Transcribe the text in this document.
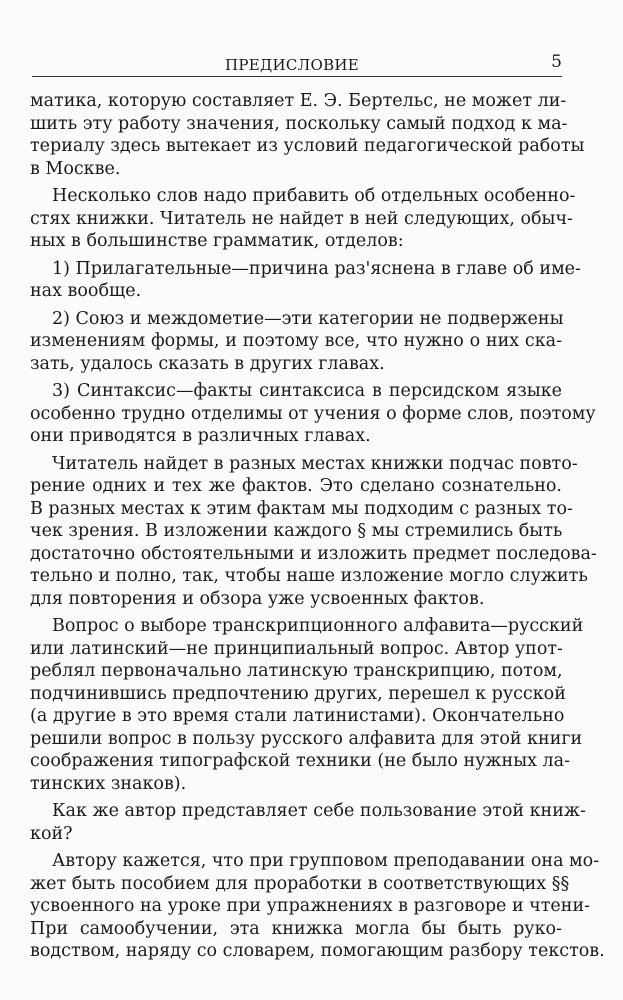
ПРЕДИСЛОВИЕ	5
матика, которую составляет Е. Э. Бертельс, не может ли-
шить эту работу значения, поскольку самый подход к ма-
териалу здесь вытекает из условий педагогической работы
в Москве.
Несколько слов надо прибавить об отдельных особенно-
стях книжки. Читатель не найдет в ней следующих, обыч-
ных в большинстве грамматик, отделов:
1) Прилагательные—причина раз'яснена в главе об име-
нах вообще.
2) Союз и междометие—эти категории не подвержены
изменениям формы, и поэтому все, что нужно о них ска-
зать, удалось сказать в других главах.
3) Синтаксис—факты синтаксиса в персидском языке
особенно трудно отделимы от учения о форме слов, поэтому
они приводятся в различных главах.
Читатель найдет в разных местах книжки подчас повто-
рение одних и тех же фактов. Это сделано сознательно.
В разных местах к этим фактам мы подходим с разных то-
чек зрения. В изложении каждого § мы стремились быть
достаточно обстоятельными и изложить предмет последова-
тельно и полно, так, чтобы наше изложение могло служить
для повторения и обзора уже усвоенных фактов.
Вопрос о выборе транскрипционного алфавита—русский
или латинский—не принципиальный вопрос. Автор упот-
реблял первоначально латинскую транскрипцию, потом,
подчинившись предпочтению других, перешел к русской
(а другие в это время стали латинистами). Окончательно
решили вопрос в пользу русского алфавита для этой книги
соображения типографской техники (не было нужных ла-
тинских знаков).
Как же автор представляет себе пользование этой книж-
кой?
Автору кажется, что при групповом преподавании она мо-
жет быть пособием для проработки в соответствующих §§
усвоенного на уроке при упражнениях в разговоре и чтени-
При самообучении, эта книжка могла бы быть руко-
водством, наряду со словарем, помогающим разбору текстов.
